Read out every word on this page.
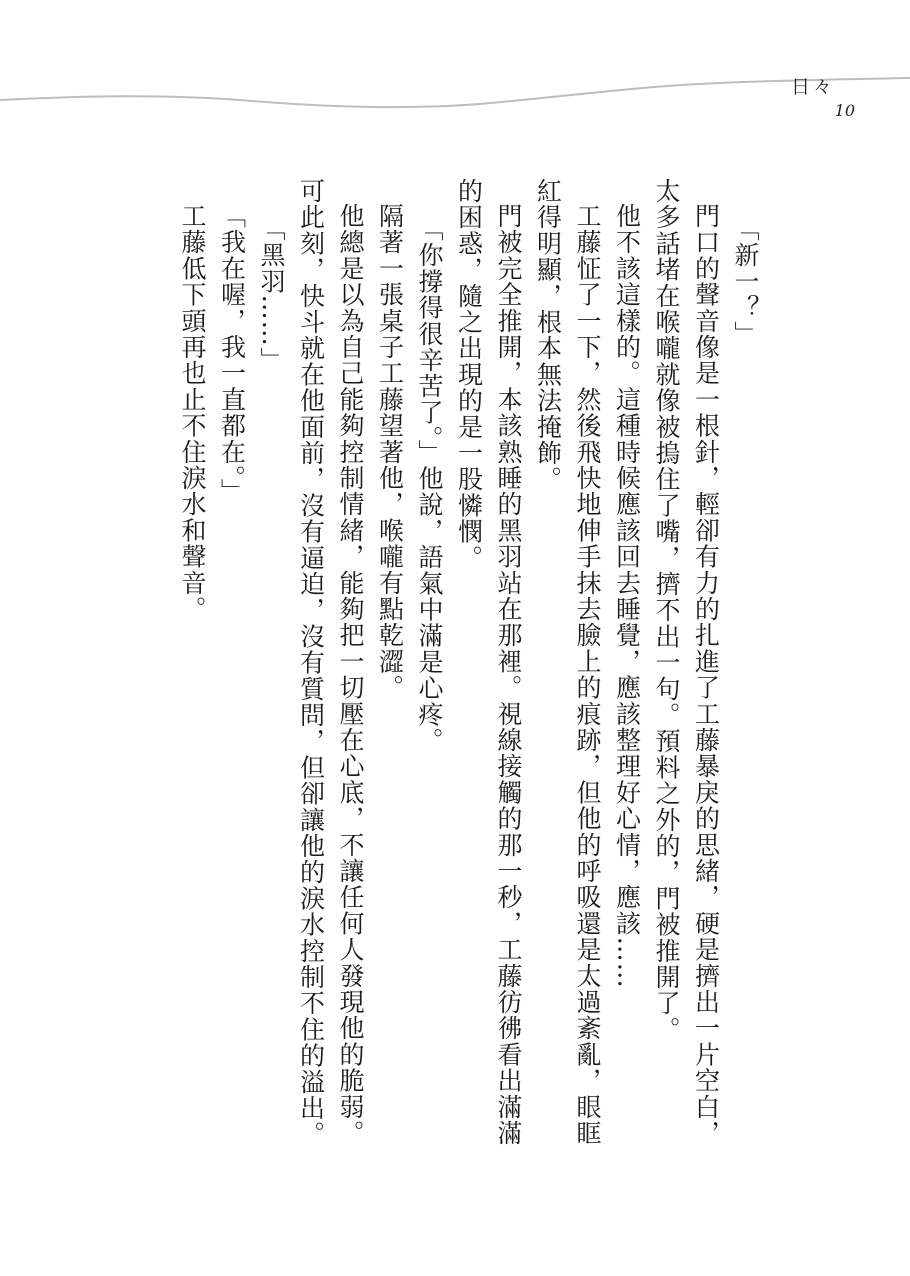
日々
10

「新一？」

門口的聲音像是一根針，輕卻有力的扎進了工藤暴戾的思緒，硬是擠出一片空白，太多話堵在喉嚨就像被摀住了嘴，擠不出一句。預料之外的，門被推開了。

他不該這樣的。這種時候應該回去睡覺，應該整理好心情，應該……

工藤怔了一下，然後飛快地伸手抹去臉上的痕跡，但他的呼吸還是太過紊亂，眼眶紅得明顯，根本無法掩飾。

門被完全推開，本該熟睡的黑羽站在那裡。視線接觸的那一秒，工藤彷彿看出滿滿的困惑，隨之出現的是一股憐憫。

「你撐得很辛苦了。」他說，語氣中滿是心疼。

隔著一張桌子工藤望著他，喉嚨有點乾澀。

他總是以為自己能夠控制情緒，能夠把一切壓在心底，不讓任何人發現他的脆弱。可此刻，快斗就在他面前，沒有逼迫，沒有質問，但卻讓他的淚水控制不住的溢出。

「黑羽……」

「我在喔，我一直都在。」

工藤低下頭再也止不住淚水和聲音。
